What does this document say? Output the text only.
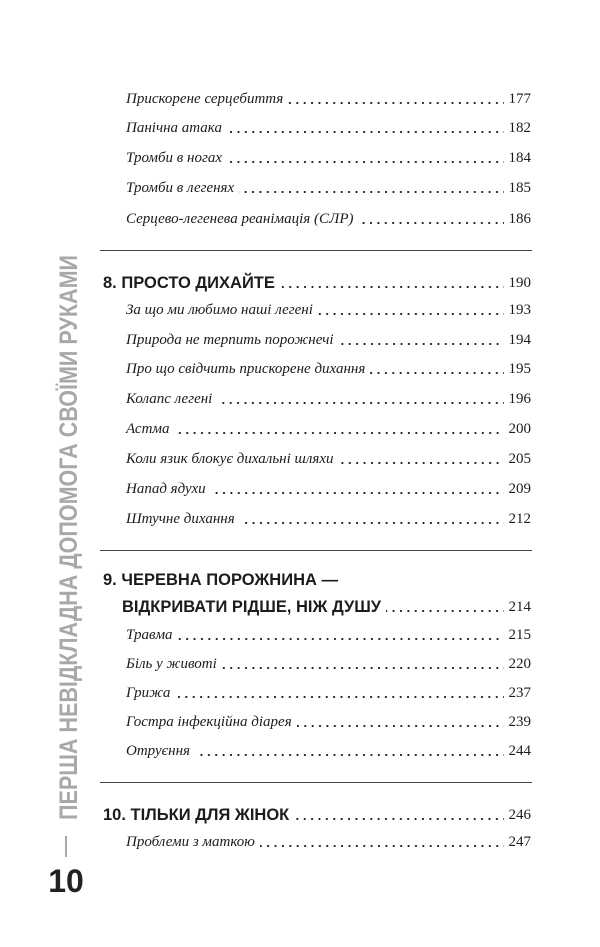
ПЕРША НЕВІДКЛАДНА ДОПОМОГА СВОЇМИ РУКАМИ
10
Прискорене серцебиття	177
Панічна атака	182
Тромби в ногах	184
Тромби в легенях	185
Серцево-легенева реанімація (СЛР)	186
8. ПРОСТО ДИХАЙТЕ	190
За що ми любимо наші легені	193
Природа не терпить порожнечі	194
Про що свідчить прискорене дихання	195
Колапс легені	196
Астма	200
Коли язик блокує дихальні шляхи	205
Напад ядухи	209
Штучне дихання	212
9. ЧЕРЕВНА ПОРОЖНИНА —
ВІДКРИВАТИ РІДШЕ, НІЖ ДУШУ	214
Травма	215
Біль у животі	220
Грижа	237
Гостра інфекційна діарея	239
Отруєння	244
10. ТІЛЬКИ ДЛЯ ЖІНОК	246
Проблеми з маткою	247
